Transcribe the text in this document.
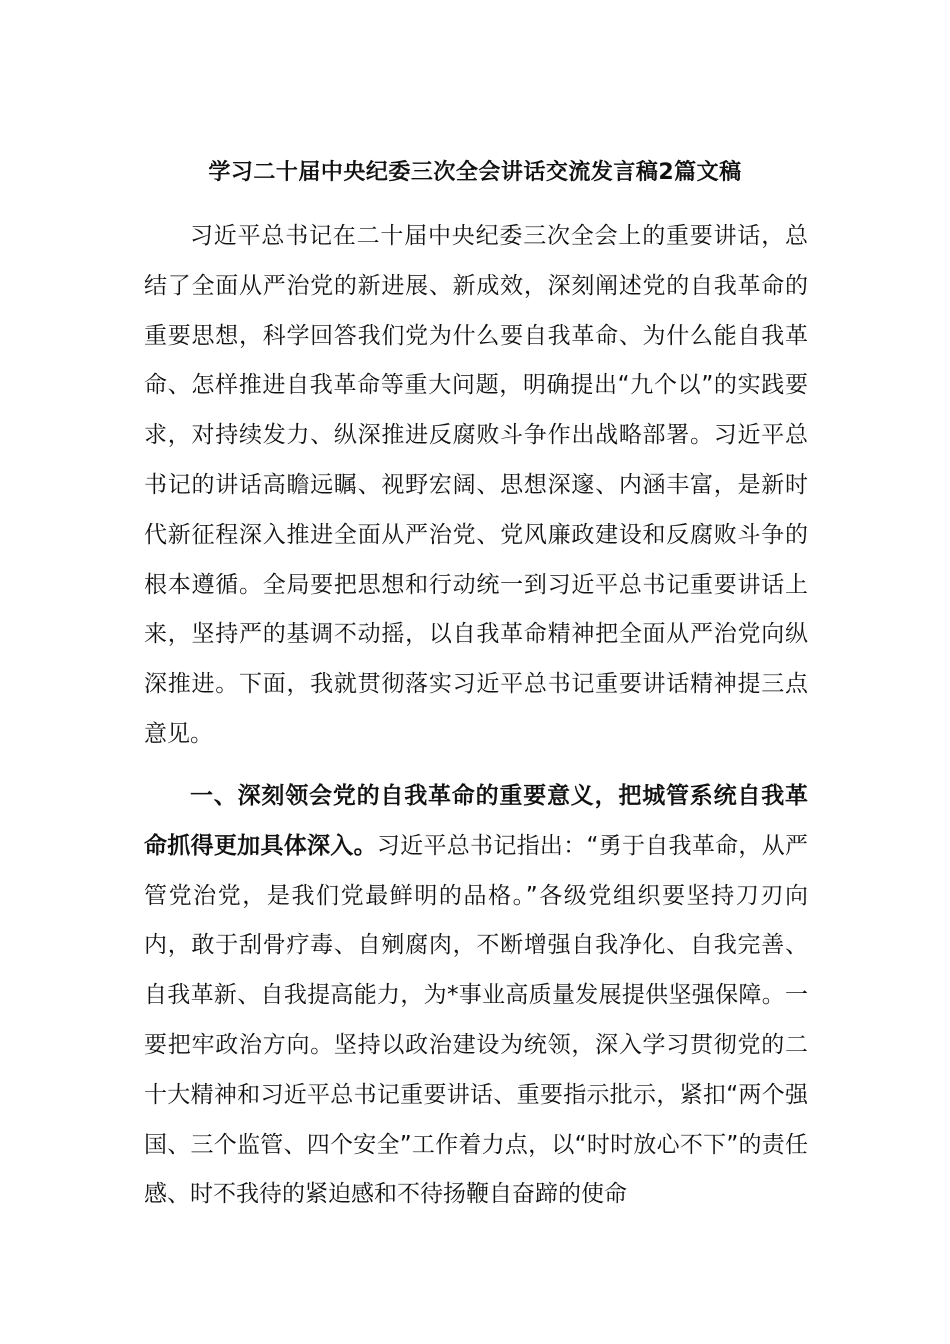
学习二十届中央纪委三次全会讲话交流发言稿2篇文稿

习近平总书记在二十届中央纪委三次全会上的重要讲话，总结了全面从严治党的新进展、新成效，深刻阐述党的自我革命的重要思想，科学回答我们党为什么要自我革命、为什么能自我革命、怎样推进自我革命等重大问题，明确提出“九个以”的实践要求，对持续发力、纵深推进反腐败斗争作出战略部署。习近平总书记的讲话高瞻远瞩、视野宏阔、思想深邃、内涵丰富，是新时代新征程深入推进全面从严治党、党风廉政建设和反腐败斗争的根本遵循。全局要把思想和行动统一到习近平总书记重要讲话上来，坚持严的基调不动摇，以自我革命精神把全面从严治党向纵深推进。下面，我就贯彻落实习近平总书记重要讲话精神提三点意见。

一、深刻领会党的自我革命的重要意义，把城管系统自我革命抓得更加具体深入。习近平总书记指出：“勇于自我革命，从严管党治党，是我们党最鲜明的品格。”各级党组织要坚持刀刃向内，敢于刮骨疗毒、自剜腐肉，不断增强自我净化、自我完善、自我革新、自我提高能力，为*事业高质量发展提供坚强保障。一要把牢政治方向。坚持以政治建设为统领，深入学习贯彻党的二十大精神和习近平总书记重要讲话、重要指示批示，紧扣“两个强国、三个监管、四个安全”工作着力点，以“时时放心不下”的责任感、时不我待的紧迫感和不待扬鞭自奋蹄的使命
